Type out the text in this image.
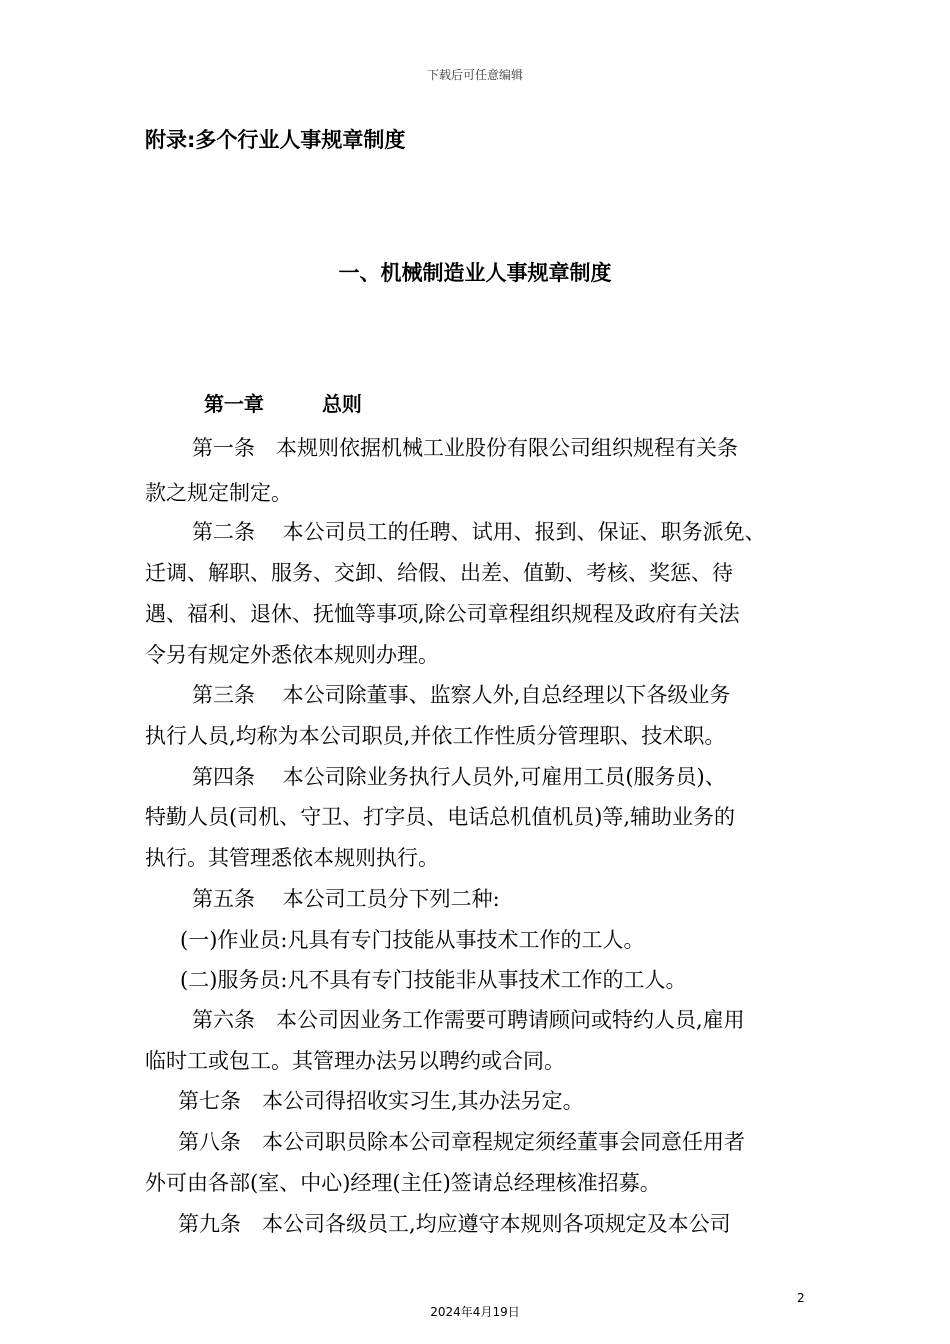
下载后可任意编辑
附录:多个行业人事规章制度
一、机械制造业人事规章制度

第一章	总则

第一条　本规则依据机械工业股份有限公司组织规程有关条
款之规定制定。
第二条　 本公司员工的任聘、试用、报到、保证、职务派免、
迁调、解职、服务、交卸、给假、出差、值勤、考核、奖惩、待
遇、福利、退休、抚恤等事项,除公司章程组织规程及政府有关法
令另有规定外悉依本规则办理。
第三条　 本公司除董事、监察人外,自总经理以下各级业务
执行人员,均称为本公司职员,并依工作性质分管理职、技术职。
第四条　 本公司除业务执行人员外,可雇用工员(服务员)、
特勤人员(司机、守卫、打字员、电话总机值机员)等,辅助业务的
执行。其管理悉依本规则执行。
第五条　 本公司工员分下列二种:
(一)作业员:凡具有专门技能从事技术工作的工人。
(二)服务员:凡不具有专门技能非从事技术工作的工人。
第六条　本公司因业务工作需要可聘请顾问或特约人员,雇用
临时工或包工。其管理办法另以聘约或合同。
第七条　本公司得招收实习生,其办法另定。
第八条　本公司职员除本公司章程规定须经董事会同意任用者
外可由各部(室、中心)经理(主任)签请总经理核准招募。
第九条　本公司各级员工,均应遵守本规则各项规定及本公司
2
2024年4月19日
